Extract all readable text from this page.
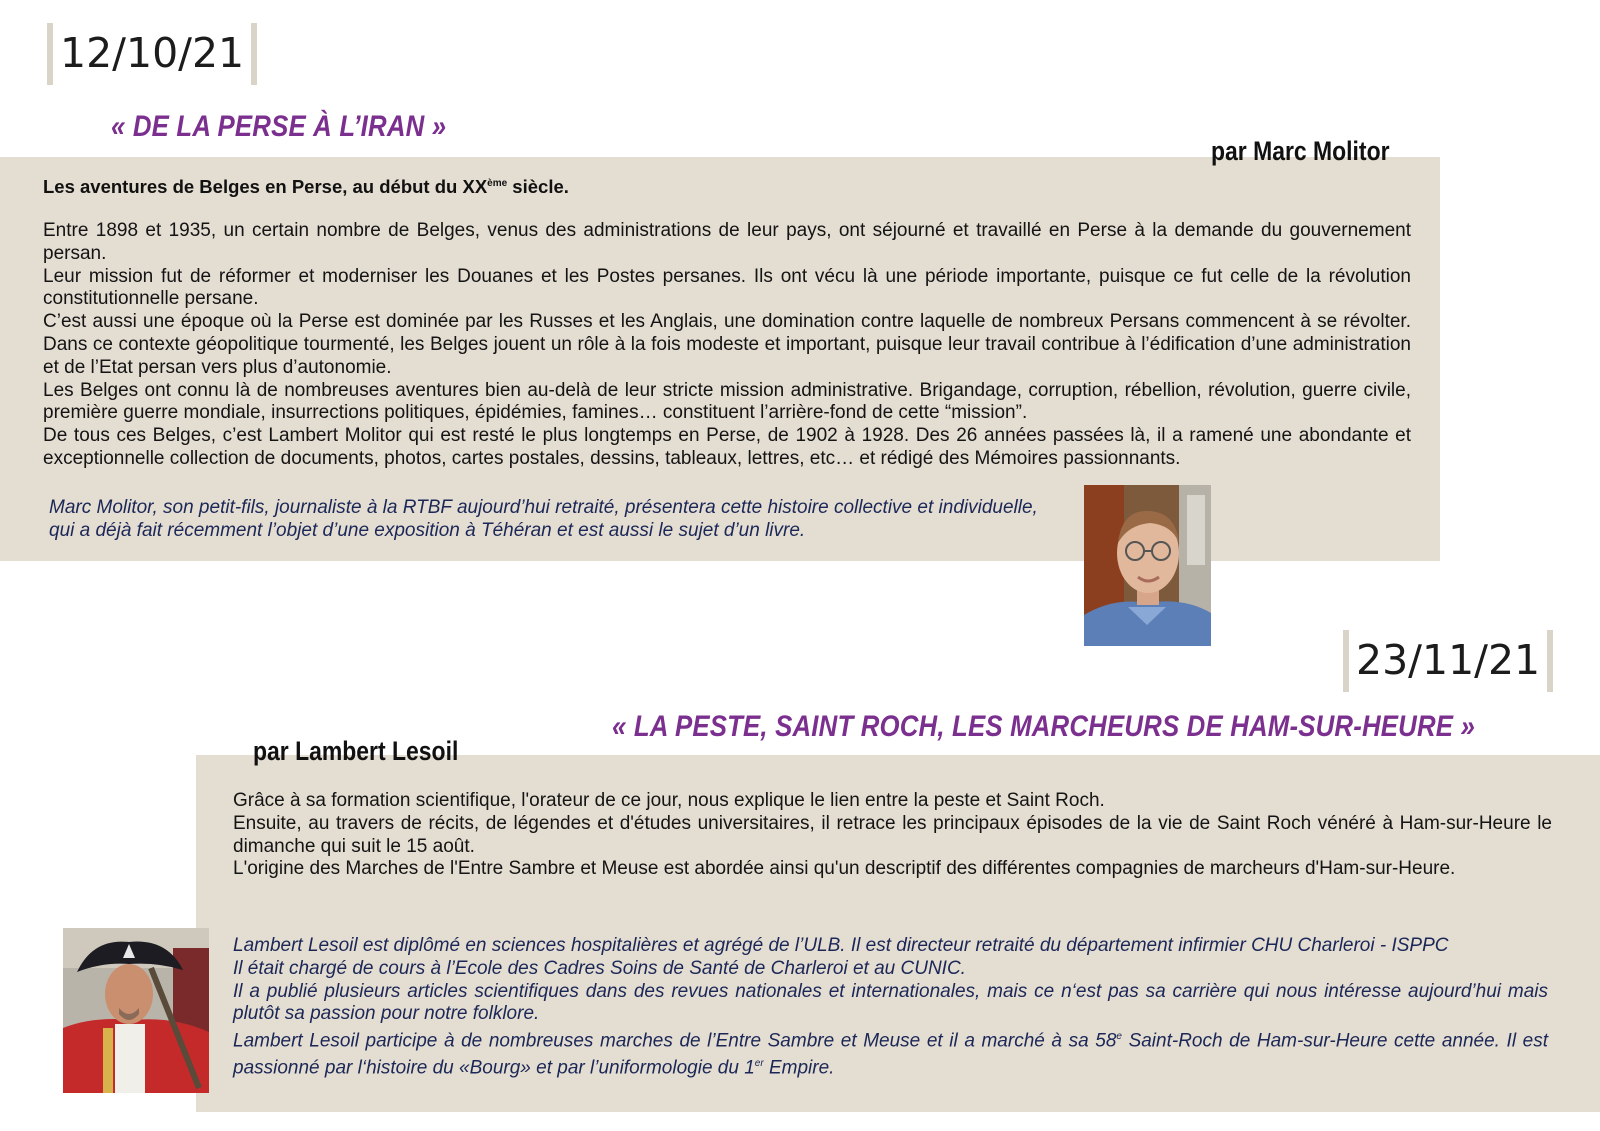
12/10/21
« DE LA PERSE À L’IRAN »
par Marc Molitor
Les aventures de Belges en Perse, au début du XXème siècle.

Entre 1898 et 1935, un certain nombre de Belges, venus des administrations de leur pays, ont séjourné et travaillé en Perse à la demande du gouvernement persan.

Leur mission fut de réformer et moderniser les Douanes et les Postes persanes. Ils ont vécu là une période importante, puisque ce fut celle de la révolution constitutionnelle persane.

C’est aussi une époque où la Perse est dominée par les Russes et les Anglais, une domination contre laquelle de nombreux Persans commencent à se révolter. Dans ce contexte géopolitique tourmenté, les Belges jouent un rôle à la fois modeste et important, puisque leur travail contribue à l’édification d’une administration et de l’Etat persan vers plus d’autonomie.

Les Belges ont connu là de nombreuses aventures bien au-delà de leur stricte mission administrative. Brigandage, corruption, rébellion, révolution, guerre civile, première guerre mondiale, insurrections politiques, épidémies, famines… constituent l’arrière-fond de cette “mission”.

De tous ces Belges, c’est Lambert Molitor qui est resté le plus longtemps en Perse, de 1902 à 1928. Des 26 années passées là, il a ramené une abondante et exceptionnelle collection de documents, photos, cartes postales, dessins, tableaux, lettres, etc… et rédigé des Mémoires passionnants.

Marc Molitor, son petit-fils, journaliste à la RTBF aujourd’hui retraité, présentera cette histoire collective et individuelle, qui a déjà fait récemment l’objet d’une exposition à Téhéran et est aussi le sujet d’un livre.

23/11/21
« LA PESTE, SAINT ROCH, LES MARCHEURS DE HAM-SUR-HEURE »
par Lambert Lesoil

Grâce à sa formation scientifique, l'orateur de ce jour, nous explique le lien entre la peste et Saint Roch.

Ensuite, au travers de récits, de légendes et d'études universitaires, il retrace les principaux épisodes de la vie de Saint Roch vénéré à Ham-sur-Heure le dimanche qui suit le 15 août.

L'origine des Marches de l'Entre Sambre et Meuse est abordée ainsi qu'un descriptif des différentes compagnies de marcheurs d'Ham-sur-Heure.

Lambert Lesoil est diplômé en sciences hospitalières et agrégé de l’ULB. Il est directeur retraité du département infirmier CHU Charleroi - ISPPC

Il était chargé de cours à l’Ecole des Cadres Soins de Santé de Charleroi et au CUNIC.

Il a publié plusieurs articles scientifiques dans des revues nationales et internationales, mais ce n‘est pas sa carrière qui nous intéresse aujourd’hui mais plutôt sa passion pour notre folklore.

Lambert Lesoil participe à de nombreuses marches de l’Entre Sambre et Meuse et il a marché à sa 58e Saint-Roch de Ham-sur-Heure cette année. Il est passionné par l‘histoire du «Bourg» et par l’uniformologie du 1er Empire.
